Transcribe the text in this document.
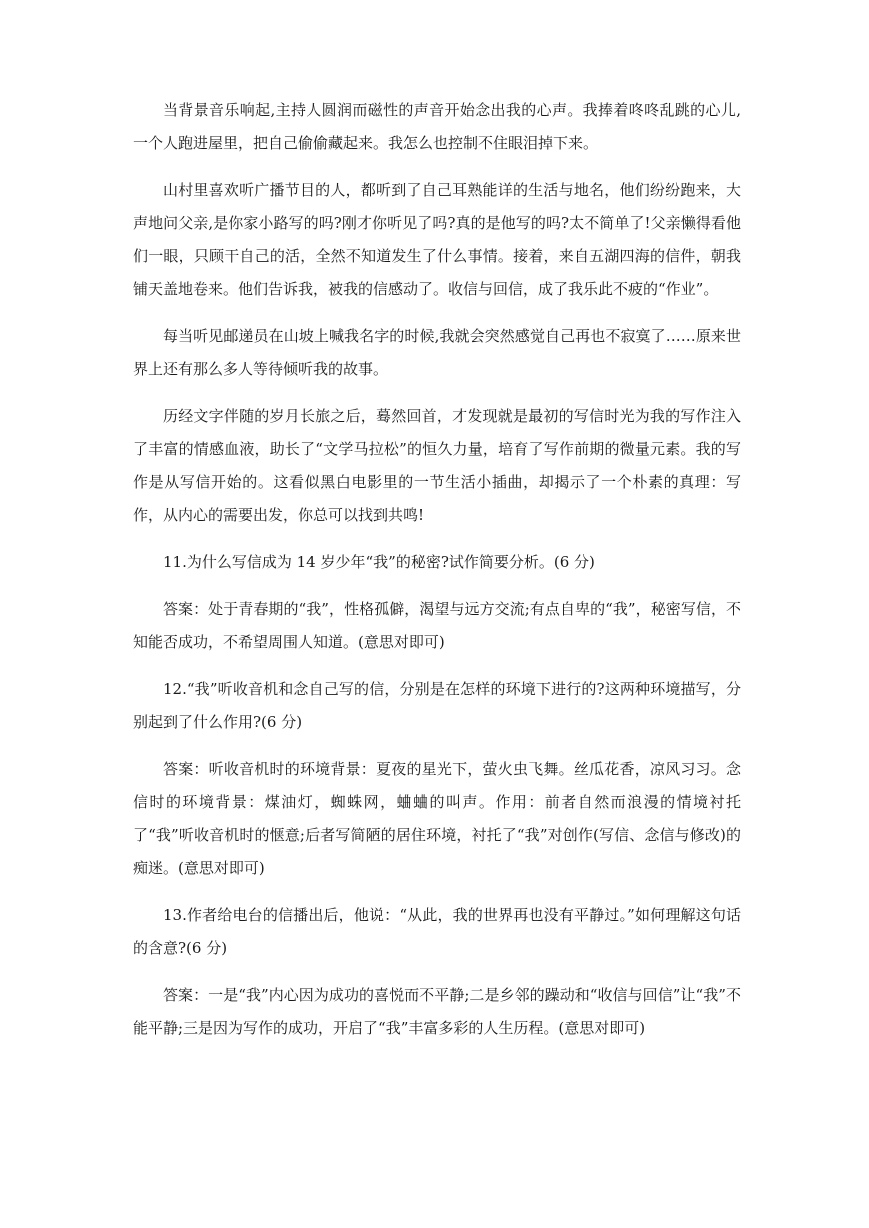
当背景音乐响起,主持人圆润而磁性的声音开始念出我的心声。我捧着咚咚乱跳的心儿,一个人跑进屋里，把自己偷偷藏起来。我怎么也控制不住眼泪掉下来。

山村里喜欢听广播节目的人，都听到了自己耳熟能详的生活与地名，他们纷纷跑来，大声地问父亲,是你家小路写的吗?刚才你听见了吗?真的是他写的吗?太不简单了!父亲懒得看他们一眼，只顾干自己的活，全然不知道发生了什么事情。接着，来自五湖四海的信件，朝我铺天盖地卷来。他们告诉我，被我的信感动了。收信与回信，成了我乐此不疲的“作业”。

每当听见邮递员在山坡上喊我名字的时候,我就会突然感觉自己再也不寂寞了……原来世界上还有那么多人等待倾听我的故事。

历经文字伴随的岁月长旅之后，蓦然回首，才发现就是最初的写信时光为我的写作注入了丰富的情感血液，助长了“文学马拉松”的恒久力量，培育了写作前期的微量元素。我的写作是从写信开始的。这看似黑白电影里的一节生活小插曲，却揭示了一个朴素的真理：写作，从内心的需要出发，你总可以找到共鸣!

11.为什么写信成为 14 岁少年“我”的秘密?试作简要分析。(6 分)

答案：处于青春期的“我”，性格孤僻，渴望与远方交流;有点自卑的“我”，秘密写信，不知能否成功，不希望周围人知道。(意思对即可)

12.“我”听收音机和念自己写的信，分别是在怎样的环境下进行的?这两种环境描写，分别起到了什么作用?(6 分)

答案：听收音机时的环境背景：夏夜的星光下，萤火虫飞舞。丝瓜花香，凉风习习。念信时的环境背景：煤油灯，蜘蛛网，蛐蛐的叫声。作用：前者自然而浪漫的情境衬托了“我”听收音机时的惬意;后者写简陋的居住环境，衬托了“我”对创作(写信、念信与修改)的痴迷。(意思对即可)

13.作者给电台的信播出后，他说：“从此，我的世界再也没有平静过。”如何理解这句话的含意?(6 分)

答案：一是“我”内心因为成功的喜悦而不平静;二是乡邻的躁动和“收信与回信”让“我”不能平静;三是因为写作的成功，开启了“我”丰富多彩的人生历程。(意思对即可)
